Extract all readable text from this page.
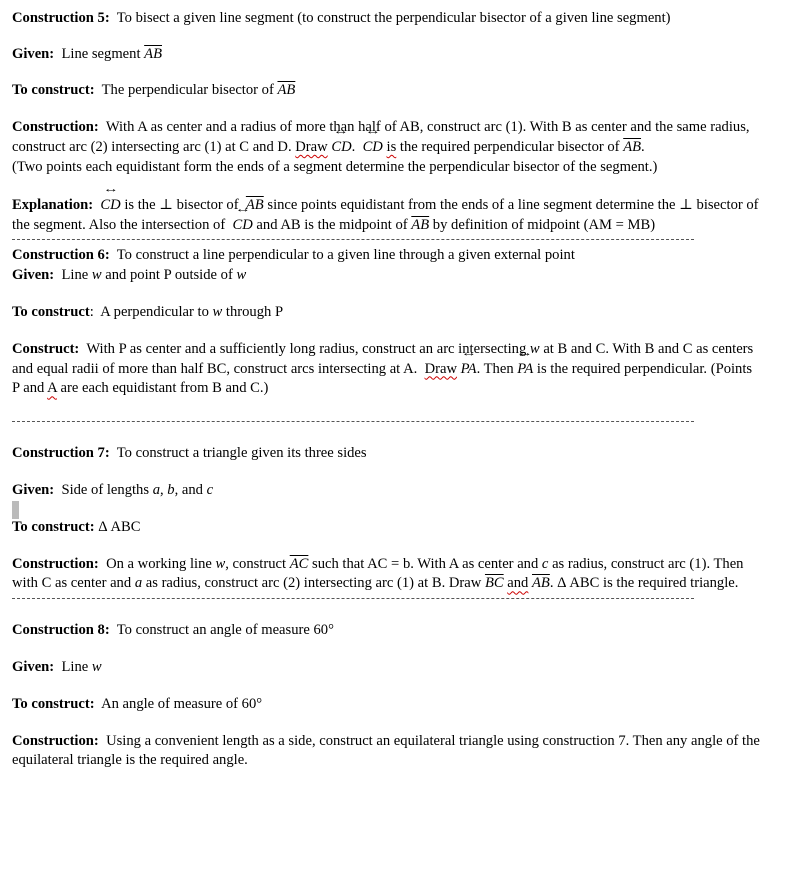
Construction 5: To bisect a given line segment (to construct the perpendicular bisector of a given line segment)

Given: Line segment $\overline{AB}$

To construct: The perpendicular bisector of $\overline{AB}$

Construction: With A as center and a radius of more than half of AB, construct arc (1). With B as center and the same radius, construct arc (2) intersecting arc (1) at C and D. Draw ↔ CD. ↔ CD is the required perpendicular bisector of $\overline{AB}$.

(Two points each equidistant form the ends of a segment determine the perpendicular bisector of the segment.)

Explanation: ↔ CD is the ⊥ bisector of $\overline{AB}$ since points equidistant from the ends of a line segment determine the ⊥ bisector of the segment. Also the intersection of ↔ CD and AB is the midpoint of $\overline{AB}$ by definition of midpoint (AM = MB)

Construction 6: To construct a line perpendicular to a given line through a given external point

Given: Line w and point P outside of w

To construct: A perpendicular to w through P

Construct: With P as center and a sufficiently long radius, construct an arc intersecting w at B and C. With B and C as centers and equal radii of more than half BC, construct arcs intersecting at A. Draw ↔ PA. Then ↔ PA is the required perpendicular. (Points P and A are each equidistant from B and C.)

Construction 7: To construct a triangle given its three sides

Given: Side of lengths a, b, and c

To construct: Δ ABC

Construction: On a working line w, construct $\overline{AC}$ such that AC = b. With A as center and c as radius, construct arc (1). Then with C as center and a as radius, construct arc (2) intersecting arc (1) at B. Draw $\overline{BC}$ and $\overline{AB}$. Δ ABC is the required triangle.

Construction 8: To construct an angle of measure 60°

Given: Line w

To construct: An angle of measure of 60°

Construction: Using a convenient length as a side, construct an equilateral triangle using construction 7. Then any angle of the equilateral triangle is the required angle.
